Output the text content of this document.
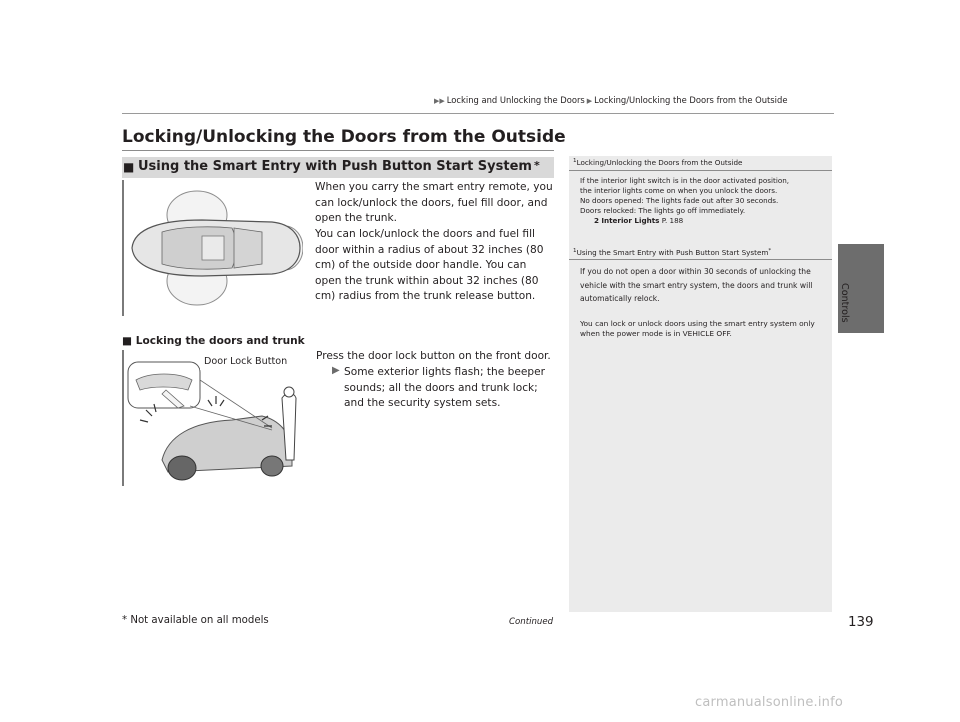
▶▶ Locking and Unlocking the Doors ▶ Locking/Unlocking the Doors from the Outside
Locking/Unlocking the Doors from the Outside
■ Using the Smart Entry with Push Button Start System *
When you carry the smart entry remote, you can lock/unlock the doors, fuel fill door, and open the trunk.
You can lock/unlock the doors and fuel fill door within a radius of about 32 inches (80 cm) of the outside door handle. You can open the trunk within about 32 inches (80 cm) radius from the trunk release button.
■ Locking the doors and trunk
Door Lock Button	Press the door lock button on the front door.
▶ Some exterior lights flash; the beeper sounds; all the doors and trunk lock; and the security system sets.
$^1$Locking/Unlocking the Doors from the Outside
If the interior light switch is in the door activated position,
the interior lights come on when you unlock the doors.
No doors opened: The lights fade out after 30 seconds.
Doors relocked: The lights go off immediately.
2 Interior Lights P. 188
$^1$Using the Smart Entry with Push Button Start System*
If you do not open a door within 30 seconds of unlocking the vehicle with the smart entry system, the doors and trunk will automatically relock.
You can lock or unlock doors using the smart entry system only when the power mode is in VEHICLE OFF.
Controls
* Not available on all models	Continued	139
carmanualsonline.info
